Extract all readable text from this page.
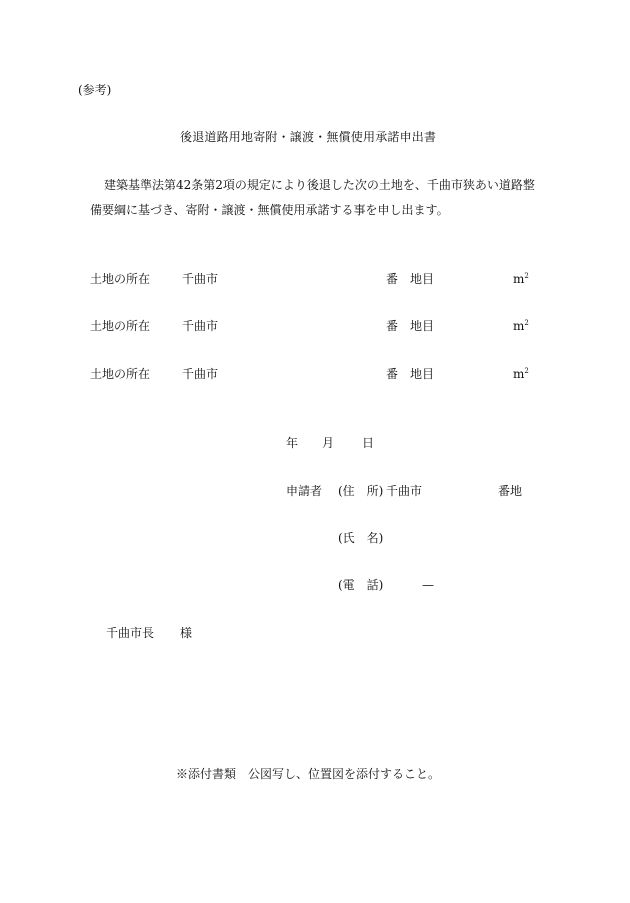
(参考)
後退道路用地寄附・譲渡・無償使用承諾申出書
建築基準法第42条第2項の規定により後退した次の土地を、千曲市狭あい道路整
備要綱に基づき、寄附・譲渡・無償使用承諾する事を申し出ます。
土地の所在	千曲市	番 地目	$m^2$
土地の所在	千曲市	番 地目	$m^2$
土地の所在	千曲市	番 地目	$m^2$
年 月 日
申請者 (住　所) 千曲市	番地
(氏　名)
(電　話)	—
千曲市長 様
※添付書類　公図写し、位置図を添付すること。
